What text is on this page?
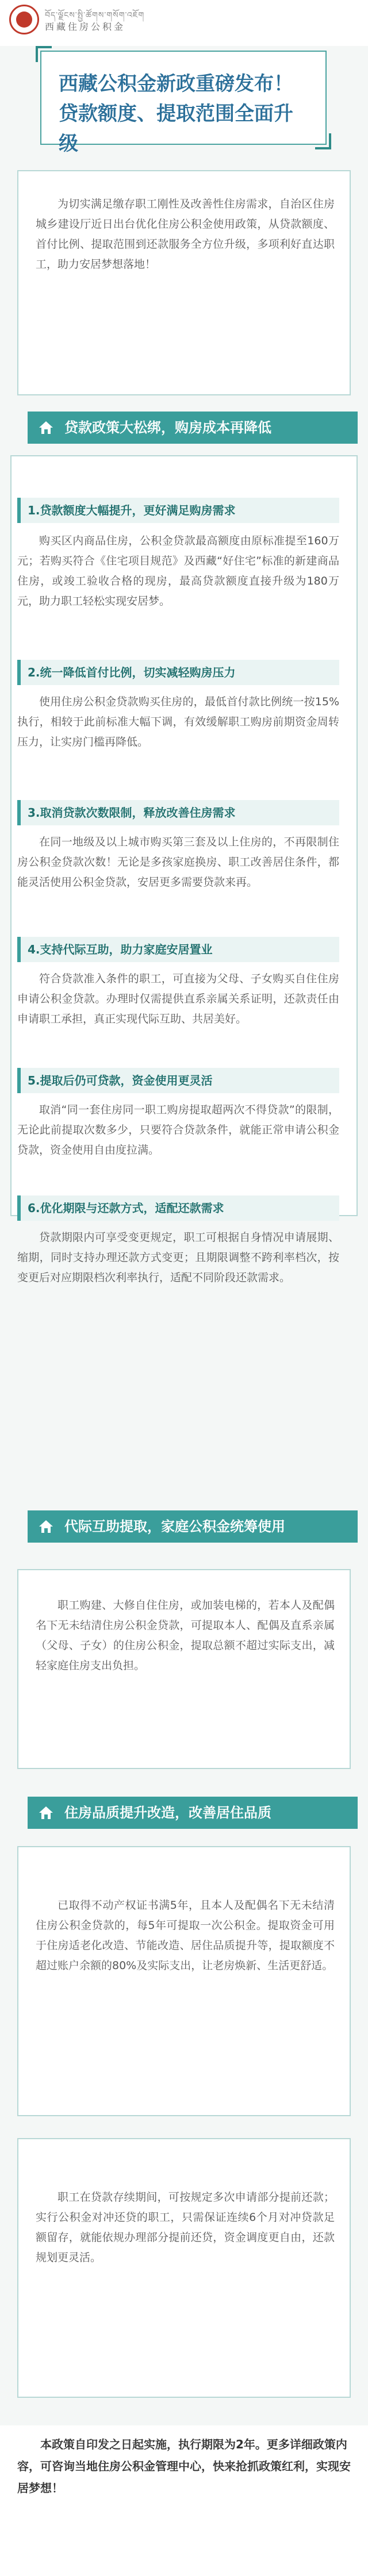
བོད་ལྗོངས་སྤྱི་ཚོགས་གསོག་འཇོག
西藏住房公积金
西藏公积金新政重磅发布！贷款额度、提取范围全面升级

为切实满足缴存职工刚性及改善性住房需求，自治区住房城乡建设厅近日出台优化住房公积金使用政策，从贷款额度、首付比例、提取范围到还款服务全方位升级，多项利好直达职工，助力安居梦想落地！

贷款政策大松绑，购房成本再降低
1.贷款额度大幅提升，更好满足购房需求

购买区内商品住房，公积金贷款最高额度由原标准提至160万元；若购买符合《住宅项目规范》及西藏“好住宅”标准的新建商品住房，或竣工验收合格的现房，最高贷款额度直接升级为180万元，助力职工轻松实现安居梦。

2.统一降低首付比例，切实减轻购房压力

使用住房公积金贷款购买住房的，最低首付款比例统一按15%执行，相较于此前标准大幅下调，有效缓解职工购房前期资金周转压力，让实房门槛再降低。

3.取消贷款次数限制，释放改善住房需求

在同一地级及以上城市购买第三套及以上住房的，不再限制住房公积金贷款次数！无论是多孩家庭换房、职工改善居住条件，都能灵活使用公积金贷款，安居更多需要贷款来再。

4.支持代际互助，助力家庭安居置业

符合贷款准入条件的职工，可直接为父母、子女购买自住住房申请公积金贷款。办理时仅需提供直系亲属关系证明，还款责任由申请职工承担，真正实现代际互助、共居美好。

5.提取后仍可贷款，资金使用更灵活

取消“同一套住房同一职工购房提取超两次不得贷款”的限制，无论此前提取次数多少，只要符合贷款条件，就能正常申请公积金贷款，资金使用自由度拉满。

6.优化期限与还款方式，适配还款需求

贷款期限内可享受变更规定，职工可根据自身情况申请展期、缩期，同时支持办理还款方式变更；且期限调整不跨利率档次，按变更后对应期限档次利率执行，适配不同阶段还款需求。

代际互助提取，家庭公积金统筹使用

职工购建、大修自住住房，或加装电梯的，若本人及配偶名下无未结清住房公积金贷款，可提取本人、配偶及直系亲属（父母、子女）的住房公积金，提取总额不超过实际支出，减轻家庭住房支出负担。

住房品质提升改造，改善居住品质

已取得不动产权证书满5年，且本人及配偶名下无未结清住房公积金贷款的，每5年可提取一次公积金。提取资金可用于住房适老化改造、节能改造、居住品质提升等，提取额度不超过账户余额的80%及实际支出，让老房焕新、生活更舒适。

职工在贷款存续期间，可按规定多次申请部分提前还款；实行公积金对冲还贷的职工，只需保证连续6个月对冲贷款足额留存，就能依规办理部分提前还贷，资金调度更自由，还款规划更灵活。

本政策自印发之日起实施，执行期限为2年。更多详细政策内容，可咨询当地住房公积金管理中心，快来抢抓政策红利，实现安居梦想！
